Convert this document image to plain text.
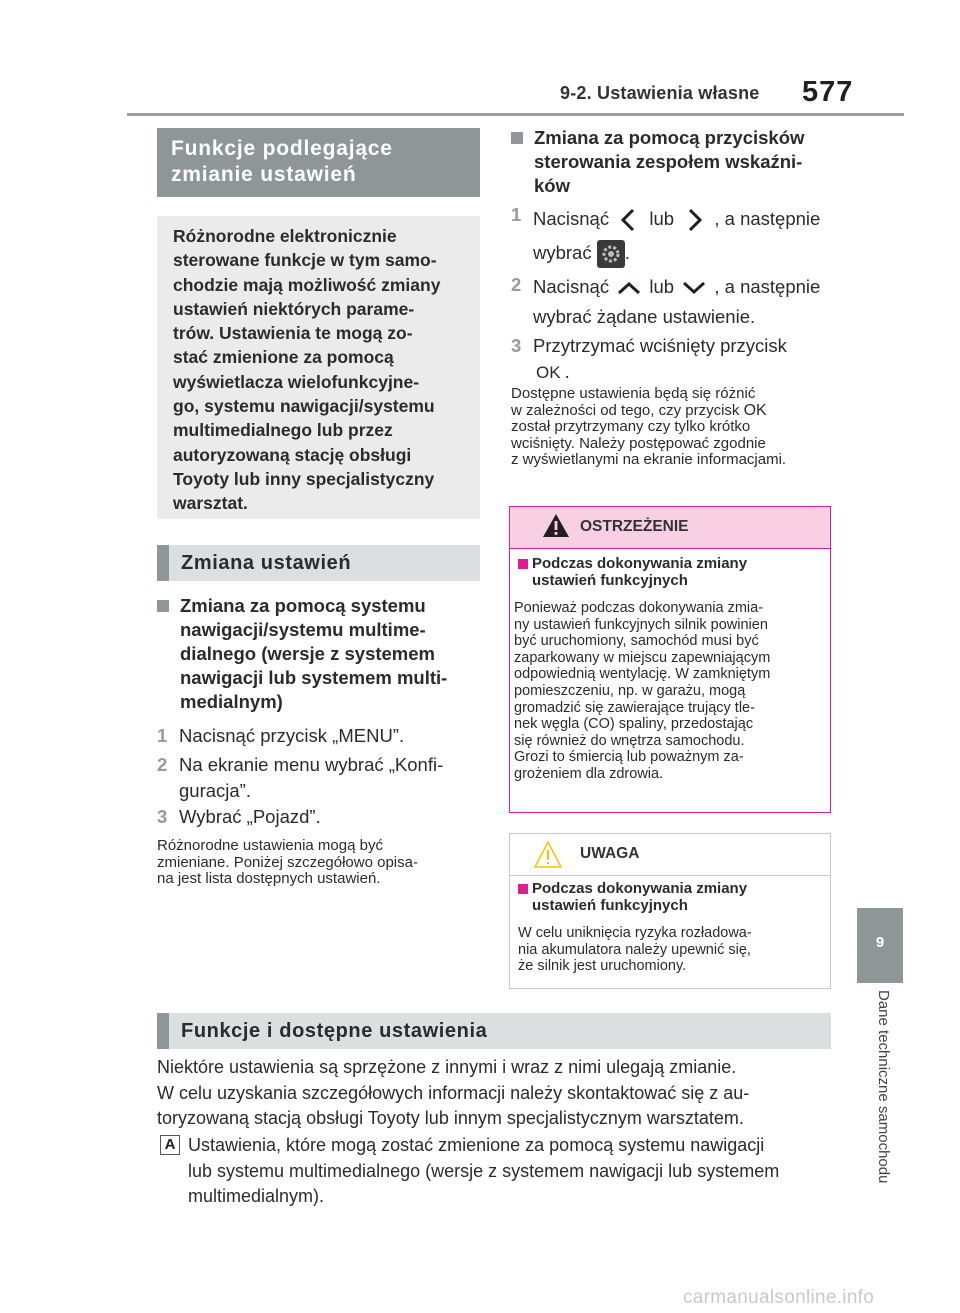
9-2. Ustawienia własne 577
9
Dane techniczne samochodu
Funkcje podlegające
zmianie ustawień
Różnorodne elektronicznie
sterowane funkcje w tym samo-
chodzie mają możliwość zmiany
ustawień niektórych parame-
trów. Ustawienia te mogą zo-
stać zmienione za pomocą
wyświetlacza wielofunkcyjne-
go, systemu nawigacji/systemu
multimedialnego lub przez
autoryzowaną stację obsługi
Toyoty lub inny specjalistyczny
warsztat.
Zmiana ustawień
Zmiana za pomocą systemu
nawigacji/systemu multime-
dialnego (wersje z systemem
nawigacji lub systemem multi-
medialnym)
1 Nacisnąć przycisk „MENU”.
2 Na ekranie menu wybrać „Konfi-
guracja”.
3 Wybrać „Pojazd”.
Różnorodne ustawienia mogą być
zmieniane. Poniżej szczegółowo opisa-
na jest lista dostępnych ustawień.
Zmiana za pomocą przycisków
sterowania zespołem wskaźni-
ków
1 Nacisnąć lub , a następnie
wybrać .
2 Nacisnąć lub , a następnie
wybrać żądane ustawienie.
3 Przytrzymać wciśnięty przycisk
OK .
Dostępne ustawienia będą się różnić
w zależności od tego, czy przycisk OK
został przytrzymany czy tylko krótko
wciśnięty. Należy postępować zgodnie
z wyświetlanymi na ekranie informacjami.
OSTRZEŻENIE
Podczas dokonywania zmiany
ustawień funkcyjnych
Ponieważ podczas dokonywania zmia-
ny ustawień funkcyjnych silnik powinien
być uruchomiony, samochód musi być
zaparkowany w miejscu zapewniającym
odpowiednią wentylację. W zamkniętym
pomieszczeniu, np. w garażu, mogą
gromadzić się zawierające trujący tle-
nek węgla (CO) spaliny, przedostając
się również do wnętrza samochodu.
Grozi to śmiercią lub poważnym za-
grożeniem dla zdrowia.
UWAGA
Podczas dokonywania zmiany
ustawień funkcyjnych
W celu uniknięcia ryzyka rozładowa-
nia akumulatora należy upewnić się,
że silnik jest uruchomiony.
Funkcje i dostępne ustawienia
Niektóre ustawienia są sprzężone z innymi i wraz z nimi ulegają zmianie.
W celu uzyskania szczegółowych informacji należy skontaktować się z au-
toryzowaną stacją obsługi Toyoty lub innym specjalistycznym warsztatem.
A Ustawienia, które mogą zostać zmienione za pomocą systemu nawigacji
lub systemu multimedialnego (wersje z systemem nawigacji lub systemem
multimedialnym).
carmanualsonline.info
